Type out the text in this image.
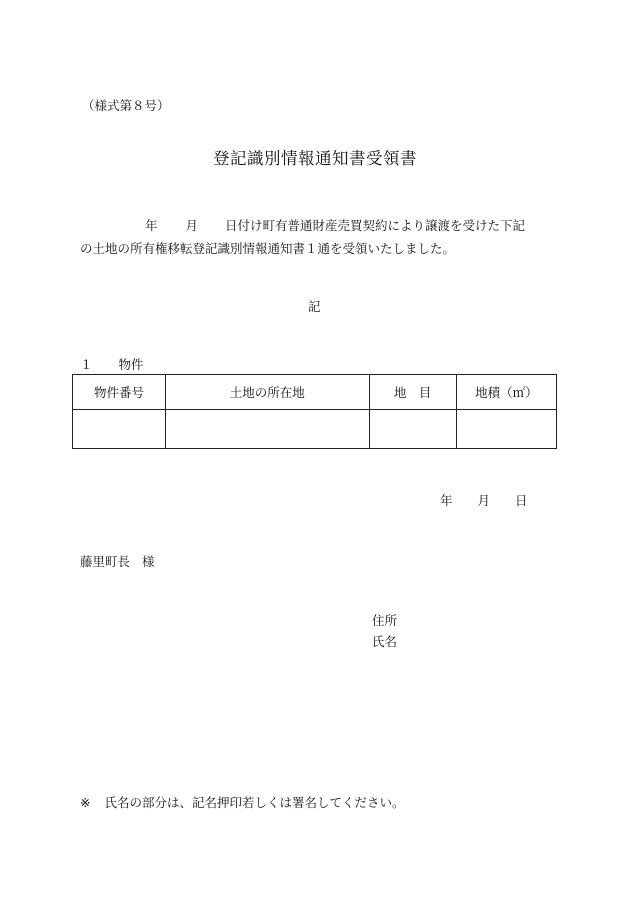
（様式第８号）
登記識別情報通知書受領書
年 月 日付け町有普通財産売買契約により譲渡を受けた下記
の土地の所有権移転登記識別情報通知書１通を受領いたしました。
記
１ 物件
物件番号	土地の所在地	地　目	地積（㎡）

年 月 日
藤里町長 様
住所
氏名
※ 氏名の部分は、記名押印若しくは署名してください。
